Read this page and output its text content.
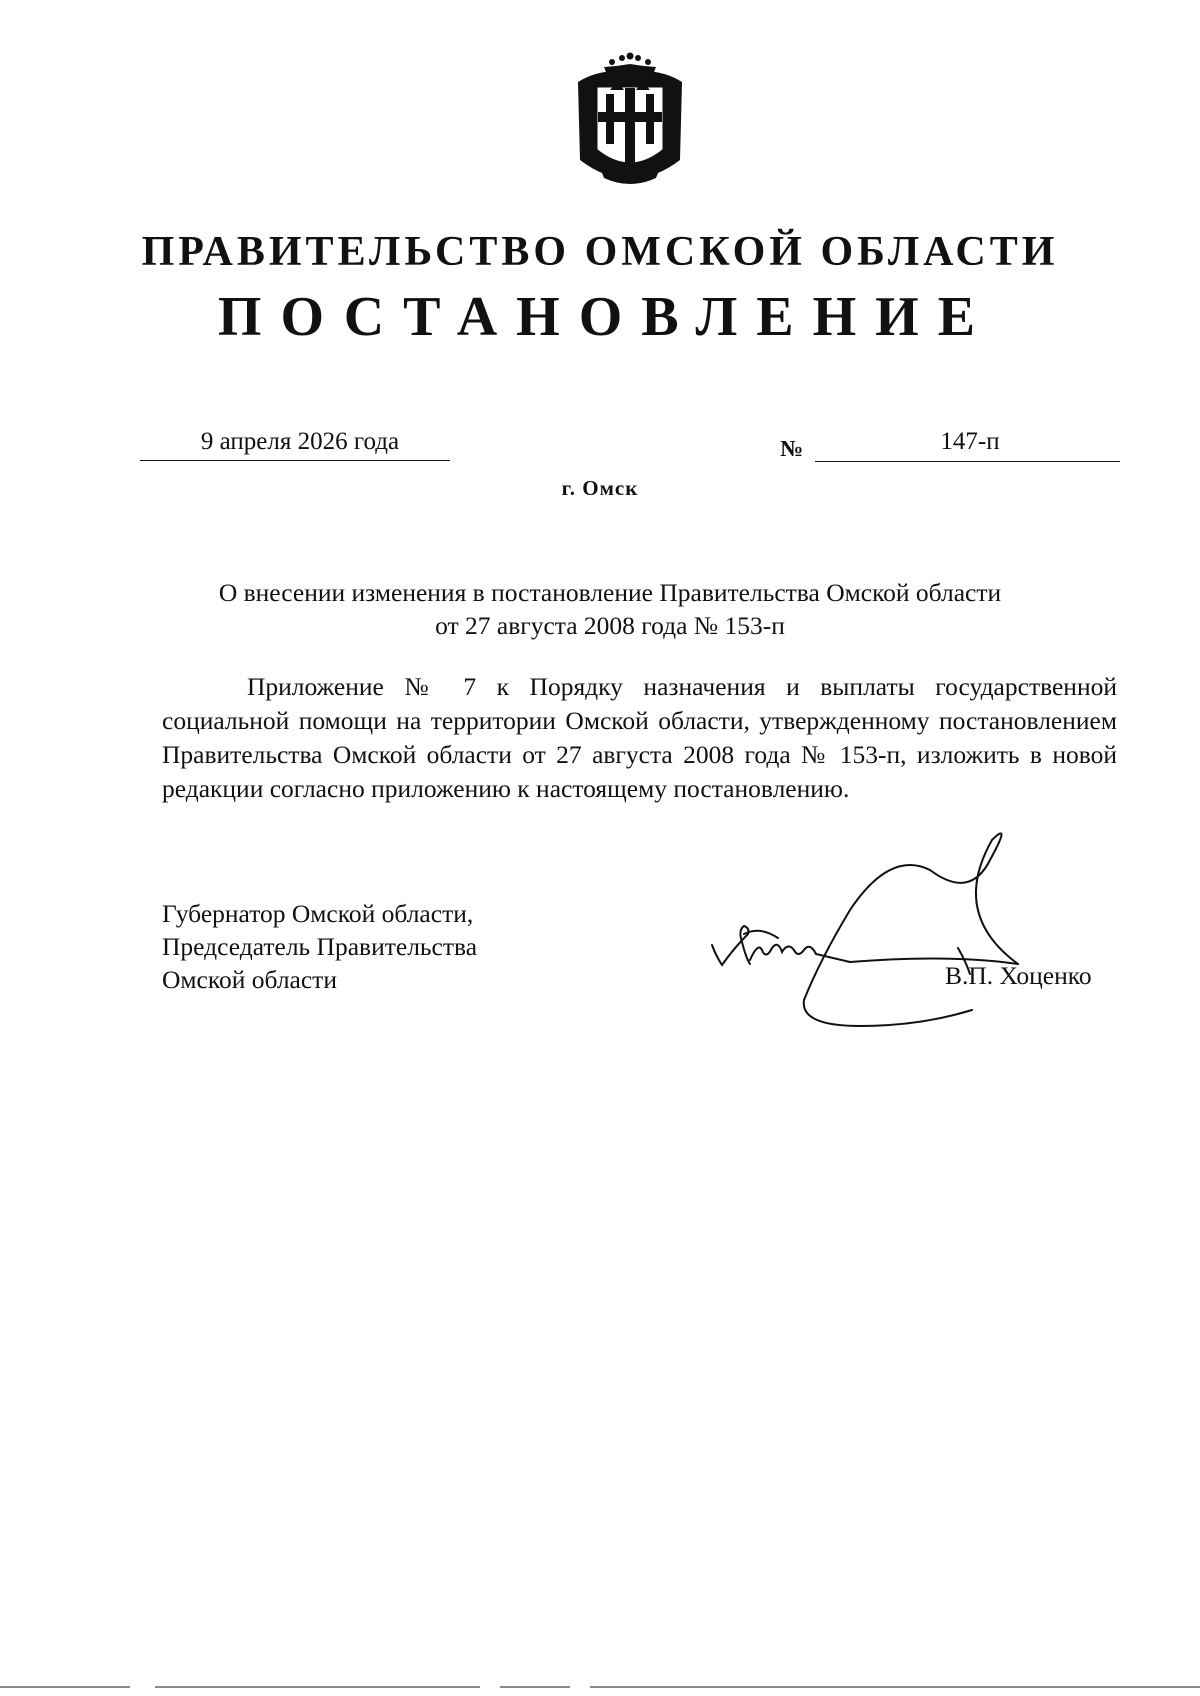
ПРАВИТЕЛЬСТВО ОМСКОЙ ОБЛАСТИ
ПОСТАНОВЛЕНИЕ
9 апреля 2026 года	№	147-п
г. Омск
О внесении изменения в постановление Правительства Омской области
от 27 августа 2008 года № 153-п
Приложение № 7 к Порядку назначения и выплаты государственной социальной помощи на территории Омской области, утвержденному постановлением Правительства Омской области от 27 августа 2008 года № 153-п, изложить в новой редакции согласно приложению к настоящему постановлению.
Губернатор Омской области,
Председатель Правительства
Омской области	В.П. Хоценко
